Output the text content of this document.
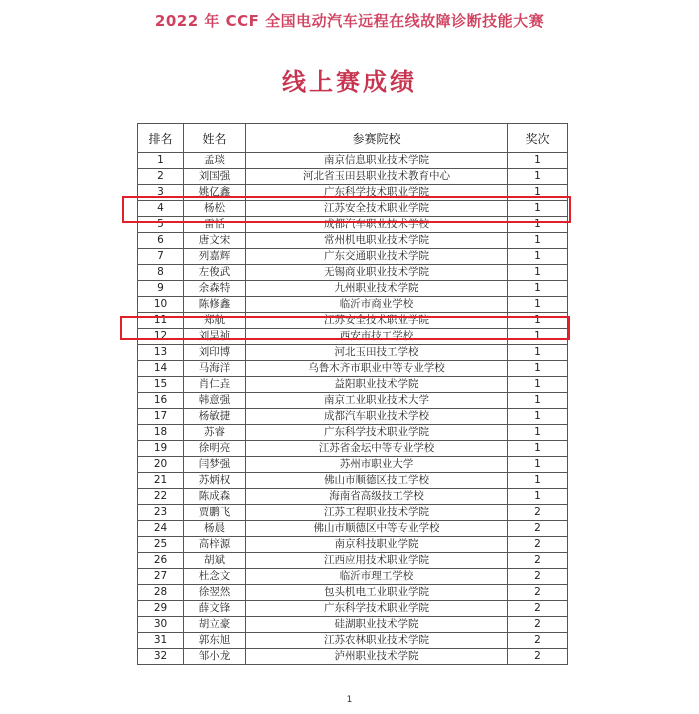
2022 年 CCF 全国电动汽车远程在线故障诊断技能大赛
线上赛成绩
排名	姓名	参赛院校	奖次
1	孟琰	南京信息职业技术学院	1
2	刘国强	河北省玉田县职业技术教育中心	1
3	姚亿鑫	广东科学技术职业学院	1
4	杨松	江苏安全技术职业学院	1
5	雷恬	成都汽车职业技术学校	1
6	唐文宋	常州机电职业技术学院	1
7	列嘉辉	广东交通职业技术学院	1
8	左俊武	无锡商业职业技术学院	1
9	余森特	九州职业技术学院	1
10	陈修鑫	临沂市商业学校	1
11	郑航	江苏安全技术职业学院	1
12	刘昊祯	西安市技工学校	1
13	刘印博	河北玉田技工学校	1
14	马海洋	乌鲁木齐市职业中等专业学校	1
15	肖仁垚	益阳职业技术学院	1
16	韩意强	南京工业职业技术大学	1
17	杨敏捷	成都汽车职业技术学校	1
18	苏睿	广东科学技术职业学院	1
19	徐明亮	江苏省金坛中等专业学校	1
20	闫梦强	苏州市职业大学	1
21	苏炳权	佛山市顺德区技工学校	1
22	陈成森	海南省高级技工学校	1
23	贾鹏飞	江苏工程职业技术学院	2
24	杨晨	佛山市顺德区中等专业学校	2
25	高梓源	南京科技职业学院	2
26	胡斌	江西应用技术职业学院	2
27	杜念文	临沂市理工学校	2
28	徐翌然	包头机电工业职业学院	2
29	薛文锋	广东科学技术职业学院	2
30	胡立豪	硅湖职业技术学院	2
31	郭东旭	江苏农林职业技术学院	2
32	邹小龙	泸州职业技术学院	2
1
